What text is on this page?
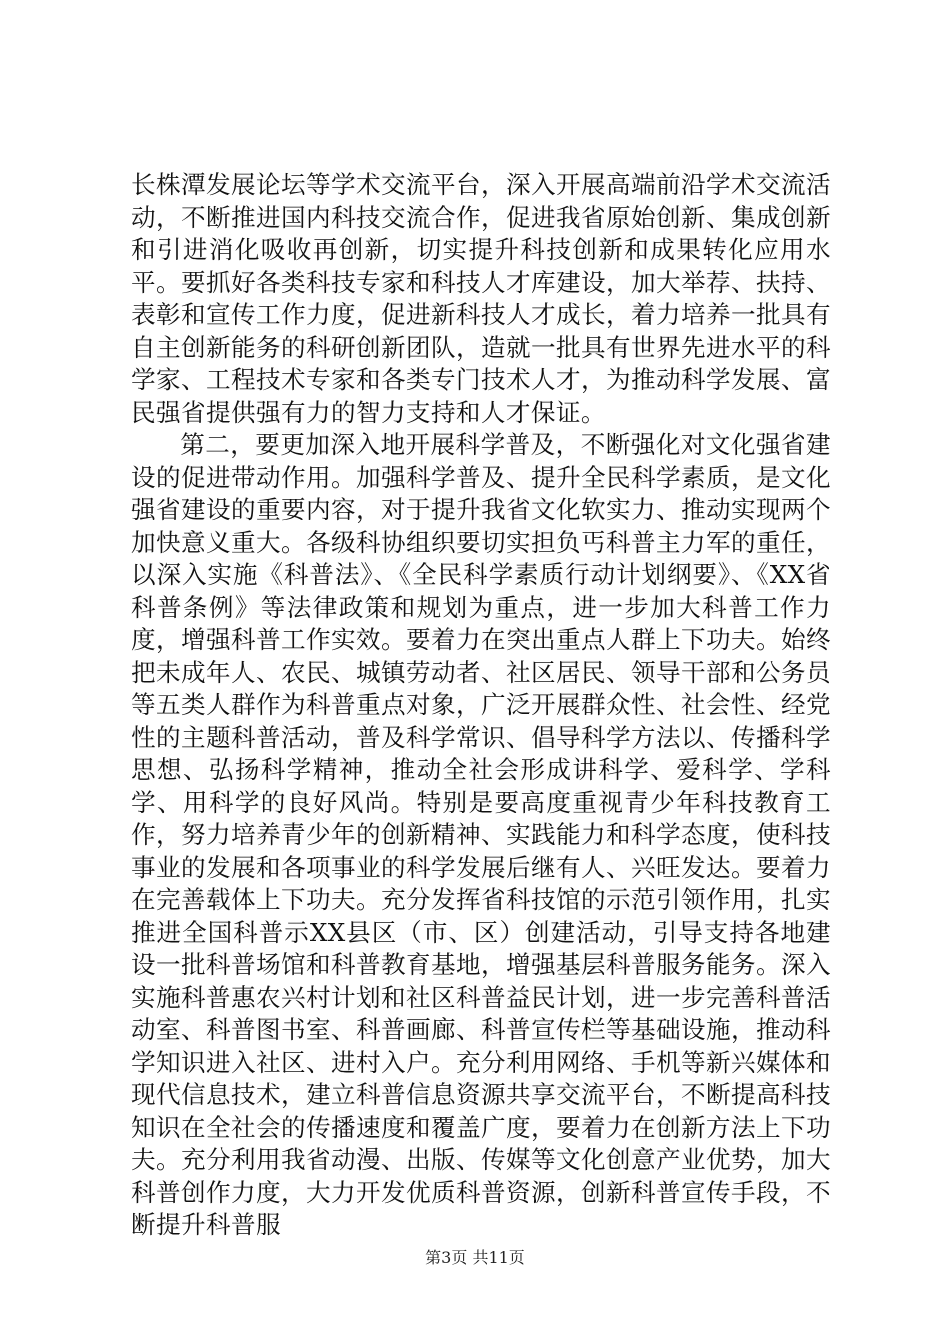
长株潭发展论坛等学术交流平台，深入开展高端前沿学术交流活动，不断推进国内科技交流合作，促进我省原始创新、集成创新和引进消化吸收再创新，切实提升科技创新和成果转化应用水平。要抓好各类科技专家和科技人才库建设，加大举荐、扶持、表彰和宣传工作力度，促进新科技人才成长，着力培养一批具有自主创新能务的科研创新团队，造就一批具有世界先进水平的科学家、工程技术专家和各类专门技术人才，为推动科学发展、富民强省提供强有力的智力支持和人才保证。

第二，要更加深入地开展科学普及，不断强化对文化强省建设的促进带动作用。加强科学普及、提升全民科学素质，是文化强省建设的重要内容，对于提升我省文化软实力、推动实现两个加快意义重大。各级科协组织要切实担负丐科普主力军的重任，以深入实施《科普法》、《全民科学素质行动计划纲要》、《XX省科普条例》等法律政策和规划为重点，进一步加大科普工作力度，增强科普工作实效。要着力在突出重点人群上下功夫。始终把未成年人、农民、城镇劳动者、社区居民、领导干部和公务员等五类人群作为科普重点对象，广泛开展群众性、社会性、经党性的主题科普活动，普及科学常识、倡导科学方法以、传播科学思想、弘扬科学精神，推动全社会形成讲科学、爱科学、学科学、用科学的良好风尚。特别是要高度重视青少年科技教育工作，努力培养青少年的创新精神、实践能力和科学态度，使科技事业的发展和各项事业的科学发展后继有人、兴旺发达。要着力在完善载体上下功夫。充分发挥省科技馆的示范引领作用，扎实推进全国科普示XX县区（市、区）创建活动，引导支持各地建设一批科普场馆和科普教育基地，增强基层科普服务能务。深入实施科普惠农兴村计划和社区科普益民计划，进一步完善科普活动室、科普图书室、科普画廊、科普宣传栏等基础设施，推动科学知识进入社区、进村入户。充分利用网络、手机等新兴媒体和现代信息技术，建立科普信息资源共享交流平台，不断提高科技知识在全社会的传播速度和覆盖广度，要着力在创新方法上下功夫。充分利用我省动漫、出版、传媒等文化创意产业优势，加大科普创作力度，大力开发优质科普资源，创新科普宣传手段，不断提升科普服

第3页 共11页
